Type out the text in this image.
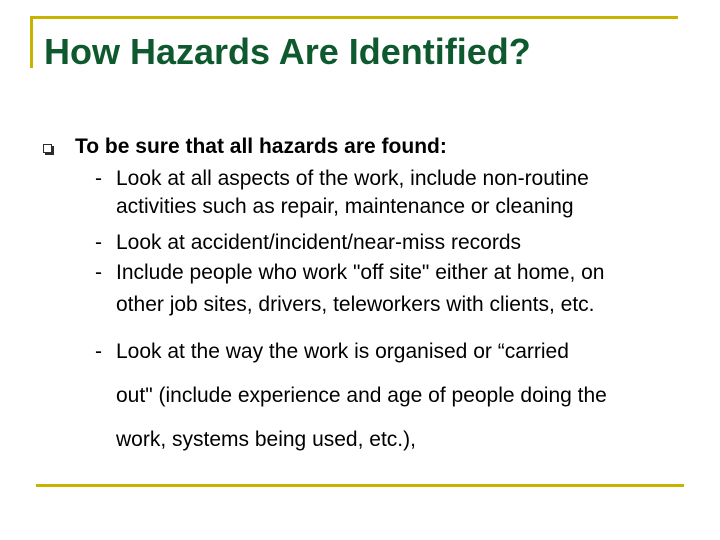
How Hazards Are Identified?
To be sure that all hazards are found:
- Look at all aspects of the work, include non-routine
activities such as repair, maintenance or cleaning
- Look at accident/incident/near-miss records
- Include people who work "off site" either at home, on
other job sites, drivers, teleworkers with clients, etc.
- Look at the way the work is organised or “carried
out" (include experience and age of people doing the
work, systems being used, etc.),
